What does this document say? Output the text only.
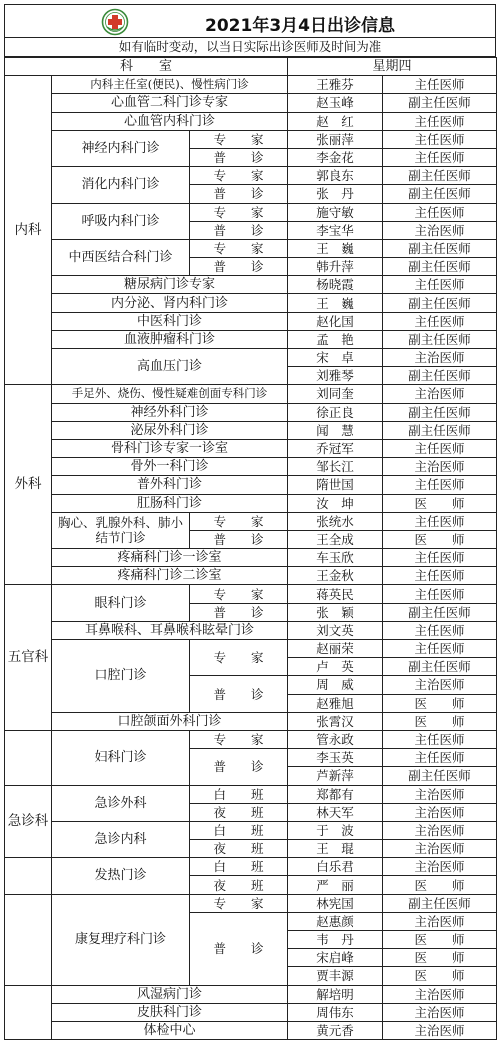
2021年3月4日出诊信息
如有临时变动，以当日实际出诊医师及时间为准
科　　室			星期四	
内科	内科主任室(便民)、慢性病门诊		王雅芬	主任医师
	心血管二科门诊专家		赵玉峰	副主任医师
	心血管内科门诊		赵　红	主任医师
	神经内科门诊	专　　家	张丽萍	主任医师
		普　　诊	李金花	主任医师
	消化内科门诊	专　　家	郭良东	副主任医师
		普　　诊	张　丹	副主任医师
	呼吸内科门诊	专　　家	施守敏	主任医师
		普　　诊	李宝华	主治医师
	中西医结合科门诊	专　　家	王　巍	副主任医师
		普　　诊	韩升萍	副主任医师
	糖尿病门诊专家		杨晓霞	主任医师
	内分泌、肾内科门诊		王　巍	副主任医师
	中医科门诊		赵化国	主任医师
	血液肿瘤科门诊		孟　艳	副主任医师
	高血压门诊		宋　卓	主治医师
			刘雅琴	副主任医师
外科	手足外、烧伤、慢性疑难创面专科门诊		刘同奎	主治医师
	神经外科门诊		徐正良	副主任医师
	泌尿外科门诊		闻　慧	副主任医师
	骨科门诊专家一诊室		乔冠军	主任医师
	骨外一科门诊		邹长江	主治医师
	普外科门诊		隋世国	主任医师
	肛肠科门诊		汝　坤	医　　师
	胸心、乳腺外科、肺小结节门诊	专　　家	张统水	主任医师
		普　　诊	王全成	医　　师
	疼痛科门诊一诊室		车玉欣	主任医师
	疼痛科门诊二诊室		王金秋	主任医师
五官科	眼科门诊	专　　家	蒋英民	主任医师
		普　　诊	张　颖	副主任医师
	耳鼻喉科、耳鼻喉科眩晕门诊		刘文英	主任医师
	口腔门诊	专　　家	赵丽荣	主任医师
			卢　英	副主任医师
		普　　诊	周　威	主治医师
			赵雅旭	医　　师
	口腔颌面外科门诊		张霄汉	医　　师
	妇科门诊	专　　家	管永政	主任医师
		普　　诊	李玉英	主任医师
			芦新萍	副主任医师
急诊科	急诊外科	白　　班	郑都有	主治医师
		夜　　班	林天军	主治医师
	急诊内科	白　　班	于　波	主治医师
		夜　　班	王　琨	主治医师
	发热门诊	白　　班	白乐君	主治医师
		夜　　班	严　丽	医　　师
	康复理疗科门诊	专　　家	林宪国	副主任医师
		普　　诊	赵惠颜	主治医师
			韦　丹	医　　师
			宋启峰	医　　师
			贾丰源	医　　师
	风湿病门诊		解培明	主治医师
	皮肤科门诊		周伟东	主治医师
	体检中心		黄元香	主治医师
